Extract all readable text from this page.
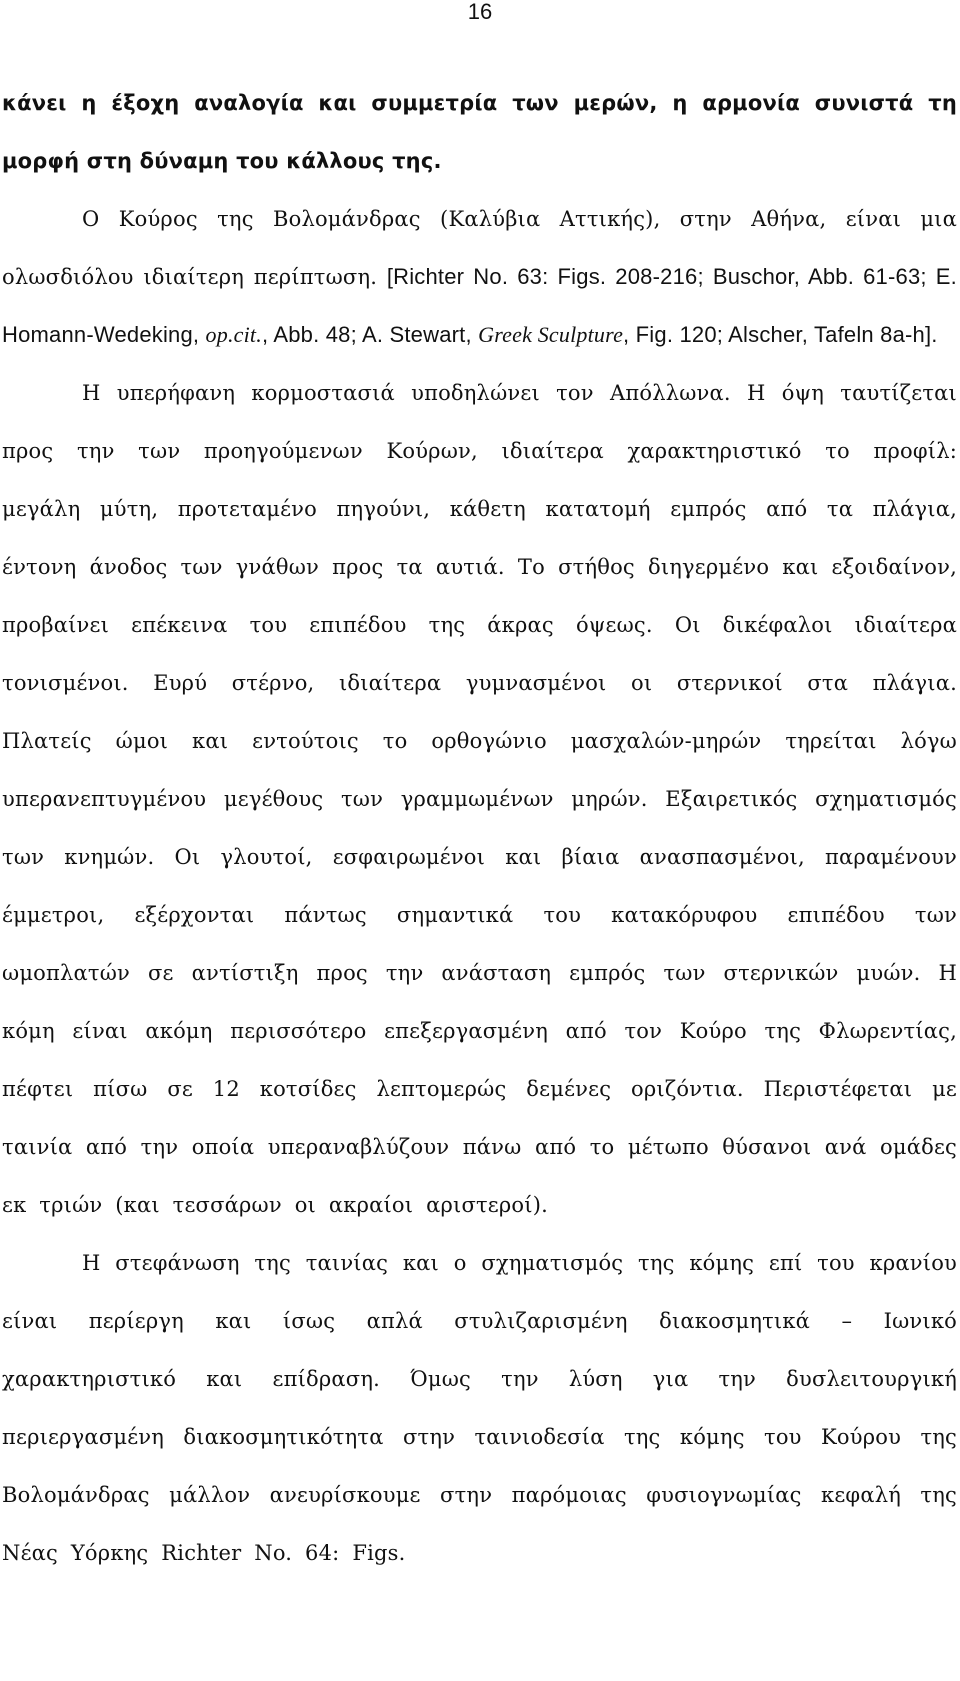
16

κάνει η έξοχη αναλογία και συμμετρία των μερών, η αρμονία συνιστά τη μορφή στη δύναμη του κάλλους της.

Ο Κούρος της Βολομάνδρας (Καλύβια Αττικής), στην Αθήνα, είναι μια ολωσδιόλου ιδιαίτερη περίπτωση. [Richter No. 63: Figs. 208-216; Buschor, Abb. 61-63; E. Homann-Wedeking, op.cit., Abb. 48; A. Stewart, Greek Sculpture, Fig. 120; Alscher, Tafeln 8a-h].

Η υπερήφανη κορμοστασιά υποδηλώνει τον Απόλλωνα. Η όψη ταυτίζεται προς την των προηγούμενων Κούρων, ιδιαίτερα χαρακτηριστικό το προφίλ: μεγάλη μύτη, προτεταμένο πηγούνι, κάθετη κατατομή εμπρός από τα πλάγια, έντονη άνοδος των γνάθων προς τα αυτιά. Το στήθος διηγερμένο και εξοιδαίνον, προβαίνει επέκεινα του επιπέδου της άκρας όψεως. Οι δικέφαλοι ιδιαίτερα τονισμένοι. Ευρύ στέρνο, ιδιαίτερα γυμνασμένοι οι στερνικοί στα πλάγια. Πλατείς ώμοι και εντούτοις το ορθογώνιο μασχαλών-μηρών τηρείται λόγω υπερανεπτυγμένου μεγέθους των γραμμωμένων μηρών. Εξαιρετικός σχηματισμός των κνημών. Οι γλουτοί, εσφαιρωμένοι και βίαια ανασπασμένοι, παραμένουν έμμετροι, εξέρχονται πάντως σημαντικά του κατακόρυφου επιπέδου των ωμοπλατών σε αντίστιξη προς την ανάσταση εμπρός των στερνικών μυών. Η κόμη είναι ακόμη περισσότερο επεξεργασμένη από τον Κούρο της Φλωρεντίας, πέφτει πίσω σε 12 κοτσίδες λεπτομερώς δεμένες οριζόντια. Περιστέφεται με ταινία από την οποία υπεραναβλύζουν πάνω από το μέτωπο θύσανοι ανά ομάδες εκ τριών (και τεσσάρων οι ακραίοι αριστεροί).

Η στεφάνωση της ταινίας και ο σχηματισμός της κόμης επί του κρανίου είναι περίεργη και ίσως απλά στυλιζαρισμένη διακοσμητικά – Ιωνικό χαρακτηριστικό και επίδραση. Όμως την λύση για την δυσλειτουργική περιεργασμένη διακοσμητικότητα στην ταινιοδεσία της κόμης του Κούρου της Βολομάνδρας μάλλον ανευρίσκουμε στην παρόμοιας φυσιογνωμίας κεφαλή της Νέας Υόρκης Richter No. 64: Figs.
